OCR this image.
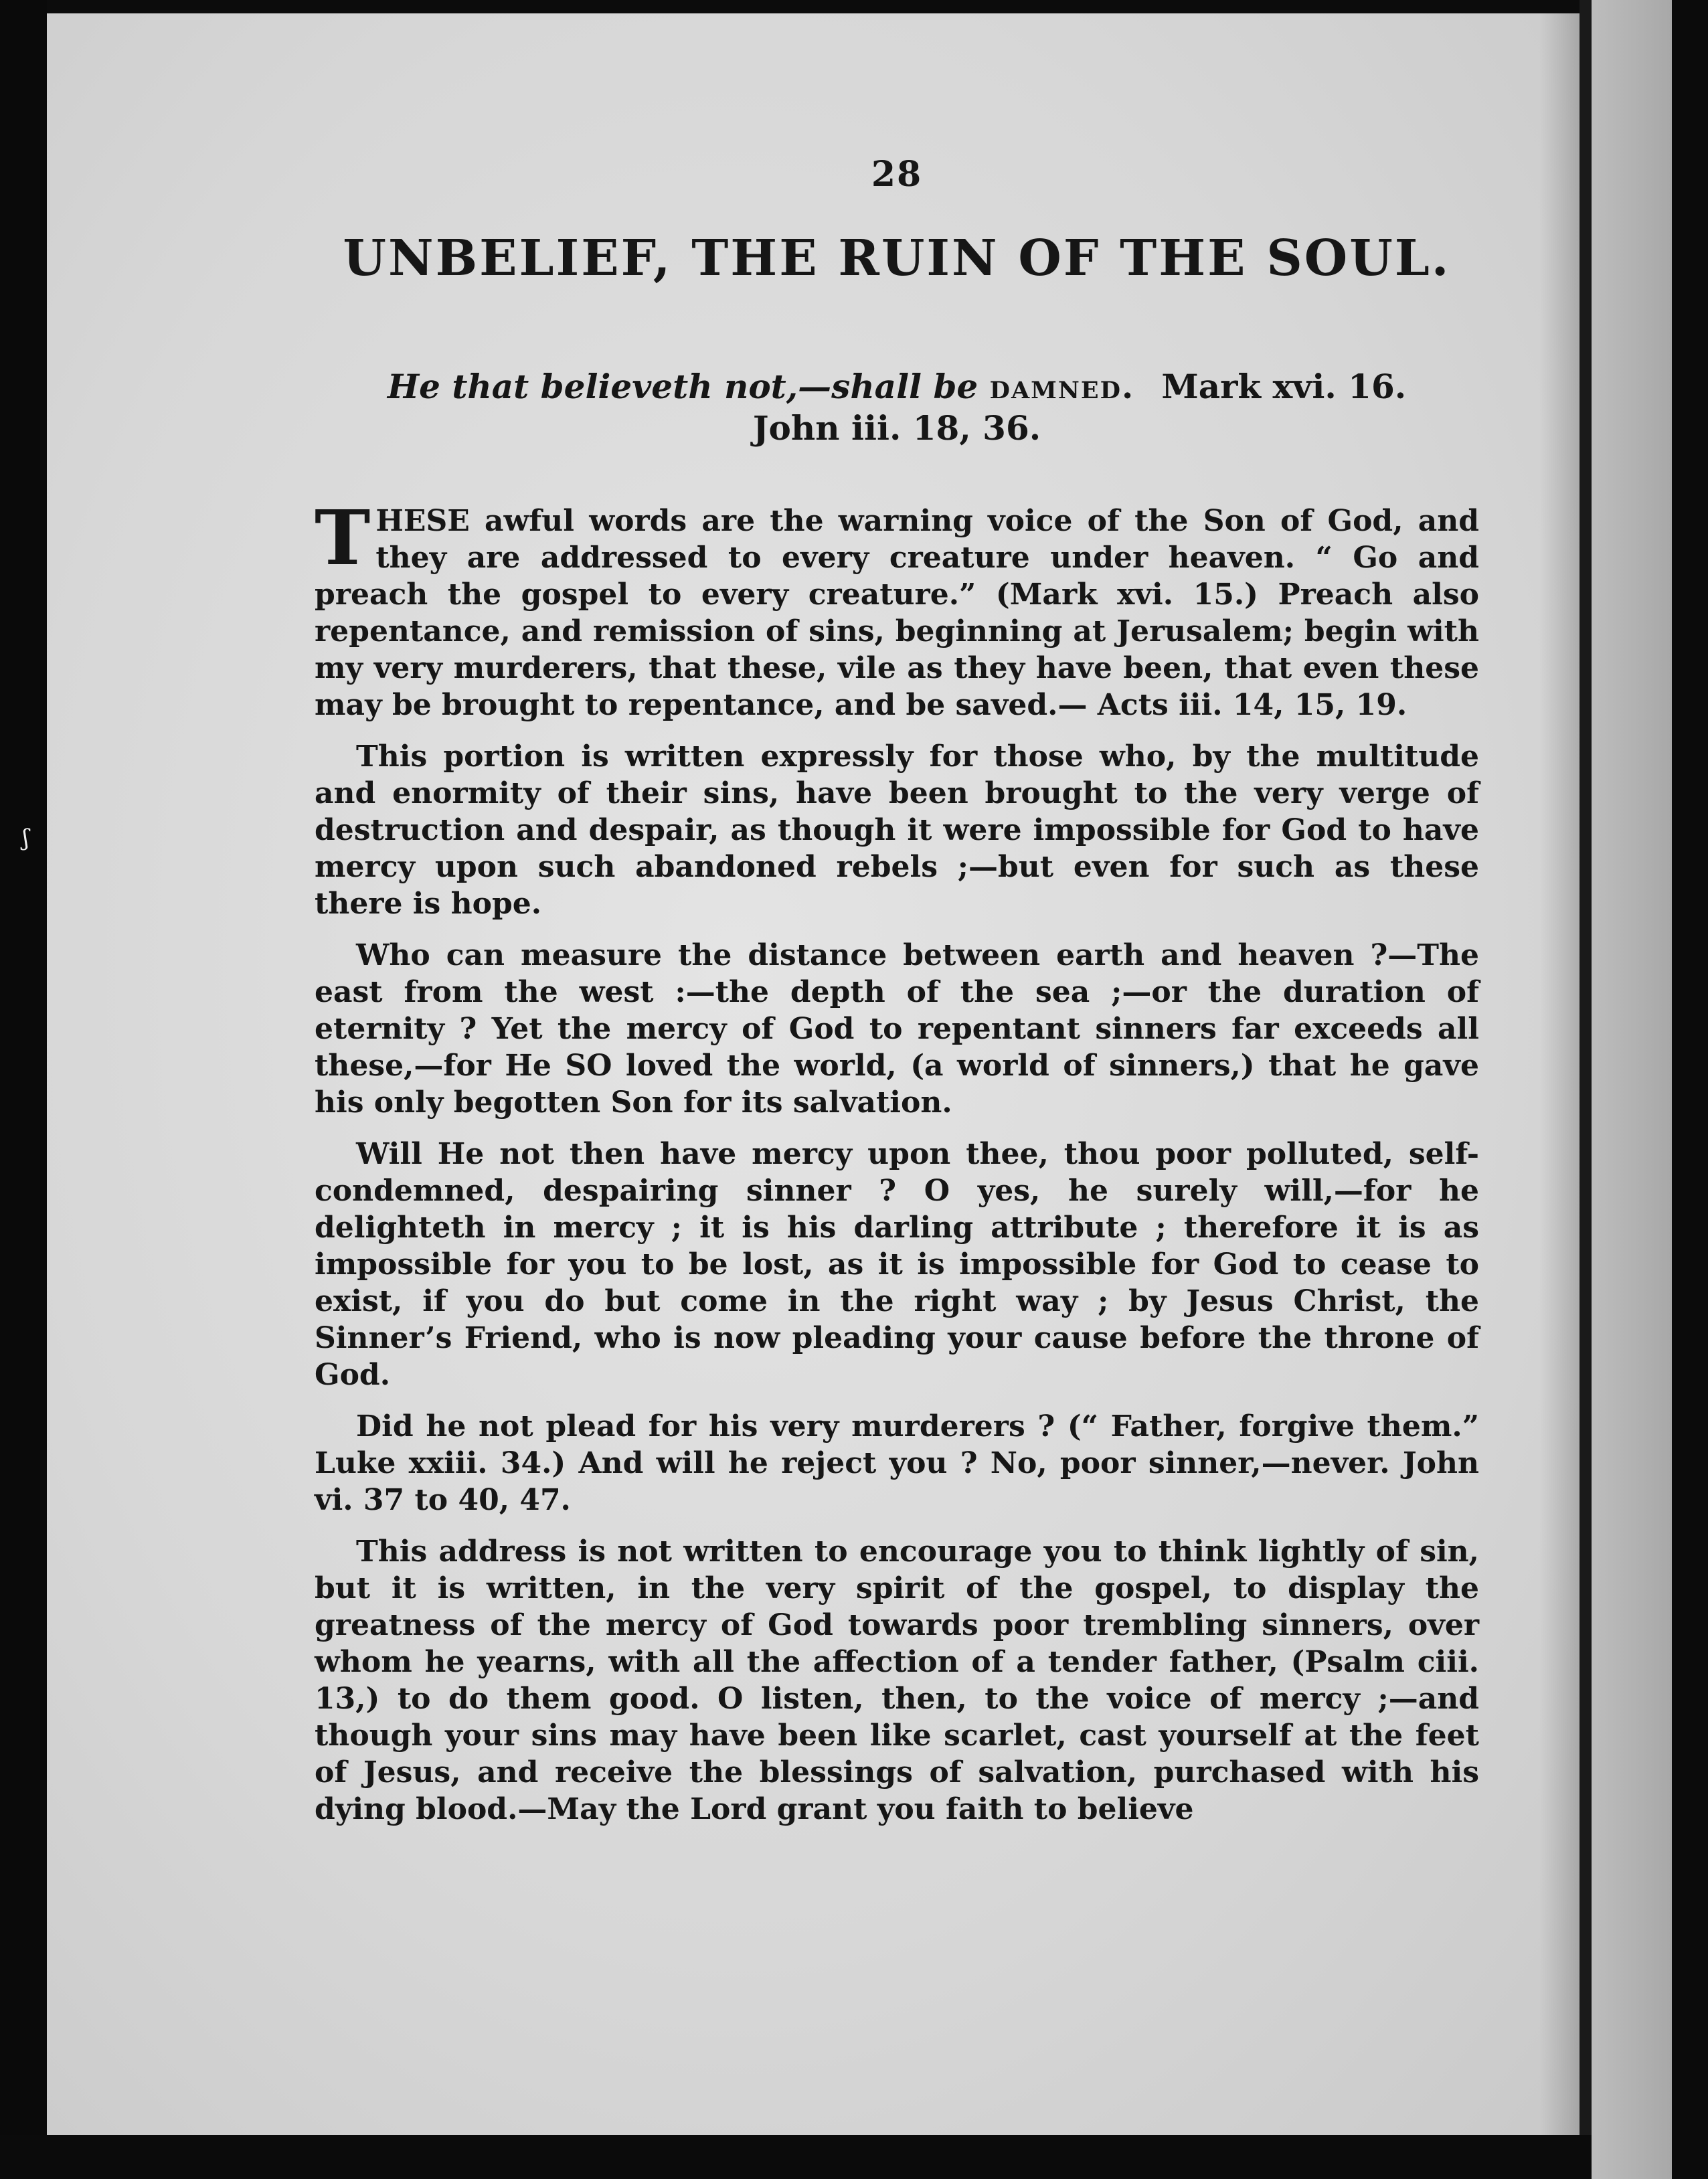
28
UNBELIEF, THE RUIN OF THE SOUL.
He that believeth not,—shall be damned. Mark xvi. 16.
John iii. 18, 36.

THESE awful words are the warning voice of the Son of God, and they are addressed to every creature under heaven. “ Go and preach the gospel to every creature.” (Mark xvi. 15.) Preach also repentance, and remission of sins, beginning at Jerusalem; begin with my very murderers, that these, vile as they have been, that even these may be brought to repentance, and be saved.— Acts iii. 14, 15, 19.

This portion is written expressly for those who, by the multitude and enormity of their sins, have been brought to the very verge of destruction and despair, as though it were impossible for God to have mercy upon such abandoned rebels ;—but even for such as these there is hope.

Who can measure the distance between earth and heaven ?—The east from the west :—the depth of the sea ;—or the duration of eternity ? Yet the mercy of God to repentant sinners far exceeds all these,—for He SO loved the world, (a world of sinners,) that he gave his only begotten Son for its salvation.

Will He not then have mercy upon thee, thou poor polluted, self-condemned, despairing sinner ? O yes, he surely will,—for he delighteth in mercy ; it is his darling attribute ; therefore it is as impossible for you to be lost, as it is impossible for God to cease to exist, if you do but come in the right way ; by Jesus Christ, the Sinner’s Friend, who is now pleading your cause before the throne of God.

Did he not plead for his very murderers ? (“ Father, forgive them.” Luke xxiii. 34.) And will he reject you ? No, poor sinner,—never. John vi. 37 to 40, 47.

This address is not written to encourage you to think lightly of sin, but it is written, in the very spirit of the gospel, to display the greatness of the mercy of God towards poor trembling sinners, over whom he yearns, with all the affection of a tender father, (Psalm ciii. 13,) to do them good. O listen, then, to the voice of mercy ;—and though your sins may have been like scarlet, cast yourself at the feet of Jesus, and receive the blessings of salvation, purchased with his dying blood.—May the Lord grant you faith to believe

ʃ
